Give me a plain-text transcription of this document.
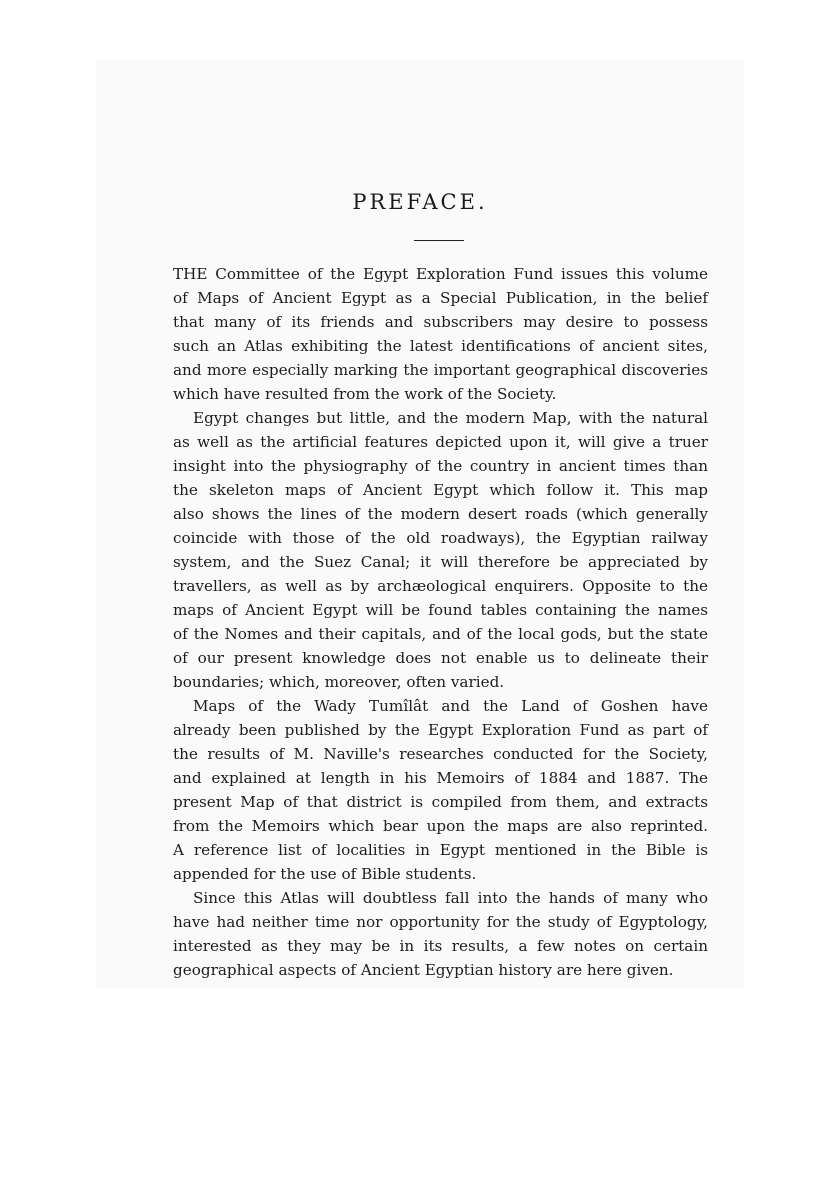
PREFACE.
THE Committee of the Egypt Exploration Fund issues this volume
of Maps of Ancient Egypt as a Special Publication, in the belief
that many of its friends and subscribers may desire to possess
such an Atlas exhibiting the latest identifications of ancient sites,
and more especially marking the important geographical discoveries
which have resulted from the work of the Society.
Egypt changes but little, and the modern Map, with the natural
as well as the artificial features depicted upon it, will give a truer
insight into the physiography of the country in ancient times than
the skeleton maps of Ancient Egypt which follow it. This map
also shows the lines of the modern desert roads (which generally
coincide with those of the old roadways), the Egyptian railway
system, and the Suez Canal; it will therefore be appreciated by
travellers, as well as by archæological enquirers. Opposite to the
maps of Ancient Egypt will be found tables containing the names
of the Nomes and their capitals, and of the local gods, but the state
of our present knowledge does not enable us to delineate their
boundaries; which, moreover, often varied.
Maps of the Wady Tumîlât and the Land of Goshen have
already been published by the Egypt Exploration Fund as part of
the results of M. Naville's researches conducted for the Society,
and explained at length in his Memoirs of 1884 and 1887. The
present Map of that district is compiled from them, and extracts
from the Memoirs which bear upon the maps are also reprinted.
A reference list of localities in Egypt mentioned in the Bible is
appended for the use of Bible students.
Since this Atlas will doubtless fall into the hands of many who
have had neither time nor opportunity for the study of Egyptology,
interested as they may be in its results, a few notes on certain
geographical aspects of Ancient Egyptian history are here given.
